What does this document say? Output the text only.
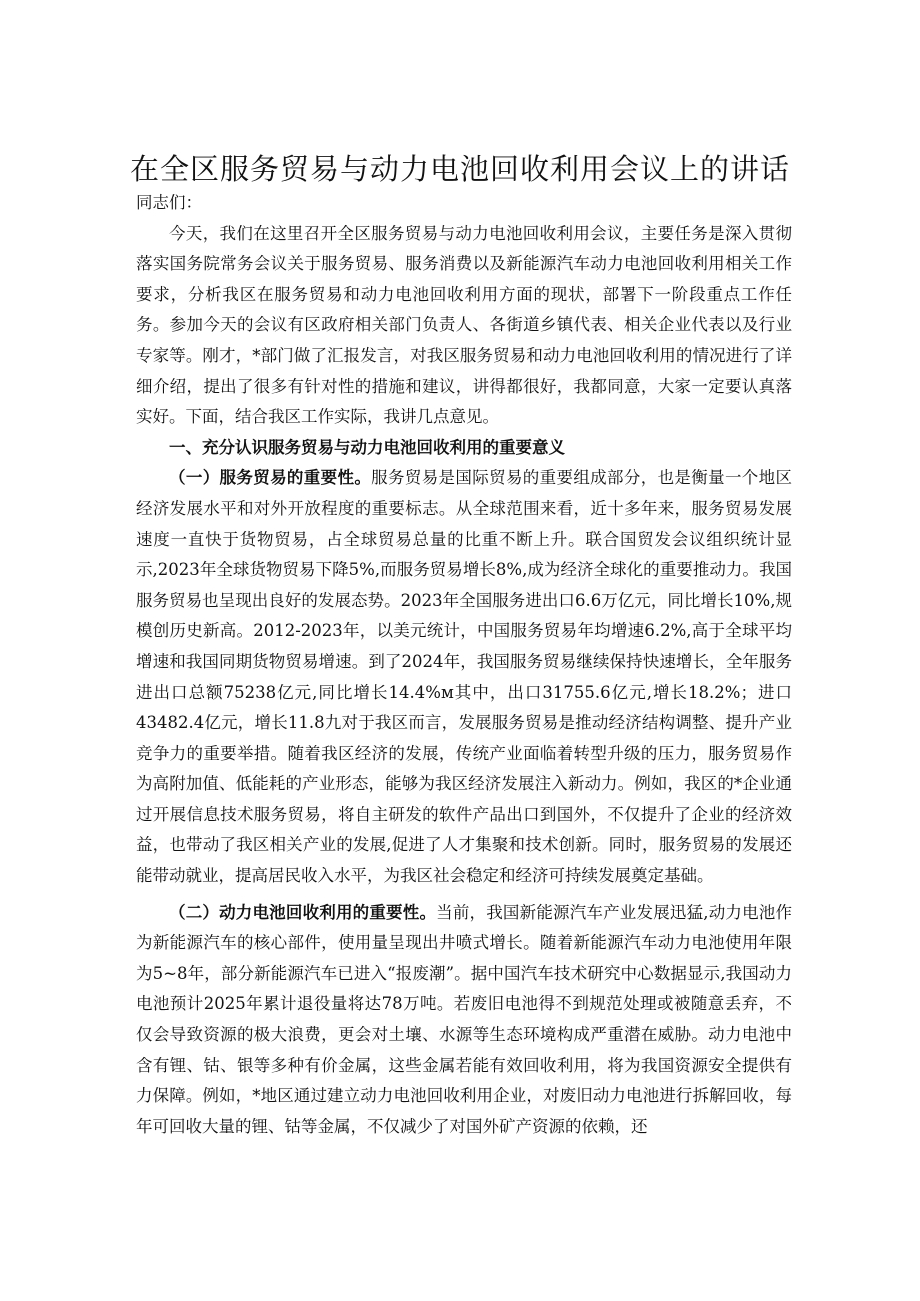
在全区服务贸易与动力电池回收利用会议上的讲话

同志们：

今天，我们在这里召开全区服务贸易与动力电池回收利用会议，主要任务是深入贯彻落实国务院常务会议关于服务贸易、服务消费以及新能源汽车动力电池回收利用相关工作要求，分析我区在服务贸易和动力电池回收利用方面的现状，部署下一阶段重点工作任务。参加今天的会议有区政府相关部门负责人、各街道乡镇代表、相关企业代表以及行业专家等。刚才，*部门做了汇报发言，对我区服务贸易和动力电池回收利用的情况进行了详细介绍，提出了很多有针对性的措施和建议，讲得都很好，我都同意，大家一定要认真落实好。下面，结合我区工作实际，我讲几点意见。

一、充分认识服务贸易与动力电池回收利用的重要意义

（一）服务贸易的重要性。服务贸易是国际贸易的重要组成部分，也是衡量一个地区经济发展水平和对外开放程度的重要标志。从全球范围来看，近十多年来，服务贸易发展速度一直快于货物贸易，占全球贸易总量的比重不断上升。联合国贸发会议组织统计显示,2023年全球货物贸易下降5%,而服务贸易增长8%,成为经济全球化的重要推动力。我国服务贸易也呈现出良好的发展态势。2023年全国服务进出口6.6万亿元，同比增长10%,规模创历史新高。2012-2023年，以美元统计，中国服务贸易年均增速6.2%,高于全球平均增速和我国同期货物贸易增速。到了2024年，我国服务贸易继续保持快速增长，全年服务进出口总额75238亿元,同比增长14.4%м其中，出口31755.6亿元,增长18.2%；进口43482.4亿元，增长11.8九对于我区而言，发展服务贸易是推动经济结构调整、提升产业竞争力的重要举措。随着我区经济的发展，传统产业面临着转型升级的压力，服务贸易作为高附加值、低能耗的产业形态，能够为我区经济发展注入新动力。例如，我区的*企业通过开展信息技术服务贸易，将自主研发的软件产品出口到国外，不仅提升了企业的经济效益，也带动了我区相关产业的发展,促进了人才集聚和技术创新。同时，服务贸易的发展还能带动就业，提高居民收入水平，为我区社会稳定和经济可持续发展奠定基础。

（二）动力电池回收利用的重要性。当前，我国新能源汽车产业发展迅猛,动力电池作为新能源汽车的核心部件，使用量呈现出井喷式增长。随着新能源汽车动力电池使用年限为5~8年，部分新能源汽车已进入“报废潮”。据中国汽车技术研究中心数据显示,我国动力电池预计2025年累计退役量将达78万吨。若废旧电池得不到规范处理或被随意丢弃，不仅会导致资源的极大浪费，更会对土壤、水源等生态环境构成严重潜在威胁。动力电池中含有锂、钴、银等多种有价金属，这些金属若能有效回收利用，将为我国资源安全提供有力保障。例如，*地区通过建立动力电池回收利用企业，对废旧动力电池进行拆解回收，每年可回收大量的锂、钴等金属，不仅减少了对国外矿产资源的依赖，还
